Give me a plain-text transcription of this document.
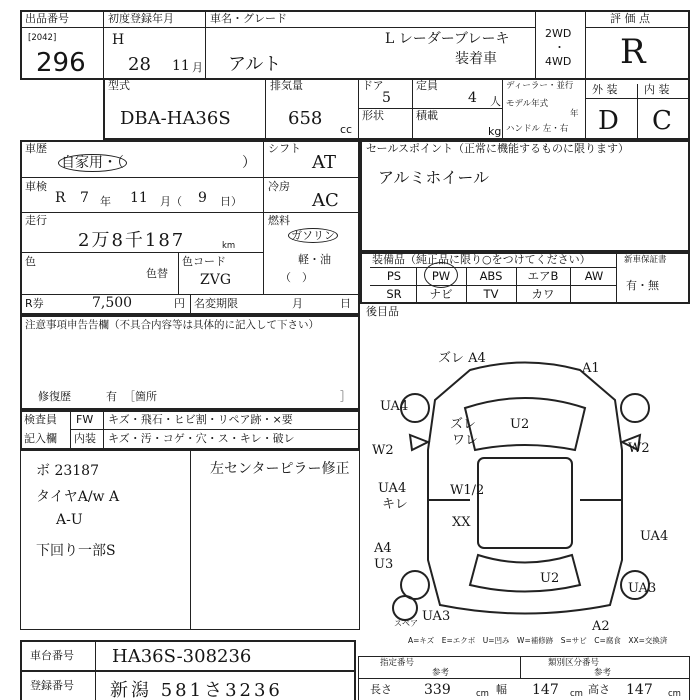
出品番号
[2042]
296
初度登録年月
H
28 11 月
車名・グレード
アルト
L レーダーブレーキ
装着車
2WD
・
4WD
評 価 点
R
型式
DBA-HA36S
排気量
658
cc
ドア
5
定員
4 人
形状	積載
kg
ディーラー・並行
モデル年式
年
ハンドル 左・右
外 装 内 装
D C
車歴
自家用・（	）
車検
R 7 年 11 月（ 9 日）
走行
2万8千187	km
色
色替
色コード
ZVG
R券	7,500	円 名変期限	月	日
シフト
AT
冷房
AC
燃料
ガソリン
軽・油
（　）
セールスポイント（正常に機能するものに限ります）
アルミホイール
装備品（純正品に限り○をつけてください）	新車保証書
有・無
PS	PW	ABS	エアB	AW
SR	ナビ	TV	カワ
後目品
注意事項申告告欄（不具合内容等は具体的に記入して下さい）
修復歴	有 ［箇所	］
検査員
記入欄
FW キズ・飛石・ヒビ割・リペア跡・×要
内装 キズ・汚・コゲ・穴・ス・キレ・破レ
ボ 23187	左センターピラー修正
タイヤA/w A
A-U
下回り一部S
ズレ A4
A1
UA4
ズレ
ワレ
U2
W2	W2
UA4
キレ
W1/2
XX
A4
U3
U2
UA4
UA3
UA3
A2
スペア
A=キズ　E=エクボ　U=凹み　W=補修跡　S=サビ　C=腐食　XX=交換済
車台番号 HA36S-308236
登録番号 新潟 581さ3236
指定番号
参考
類別区分番号
参考
長さ 339	cm 幅 147 cm 高さ 147 cm
